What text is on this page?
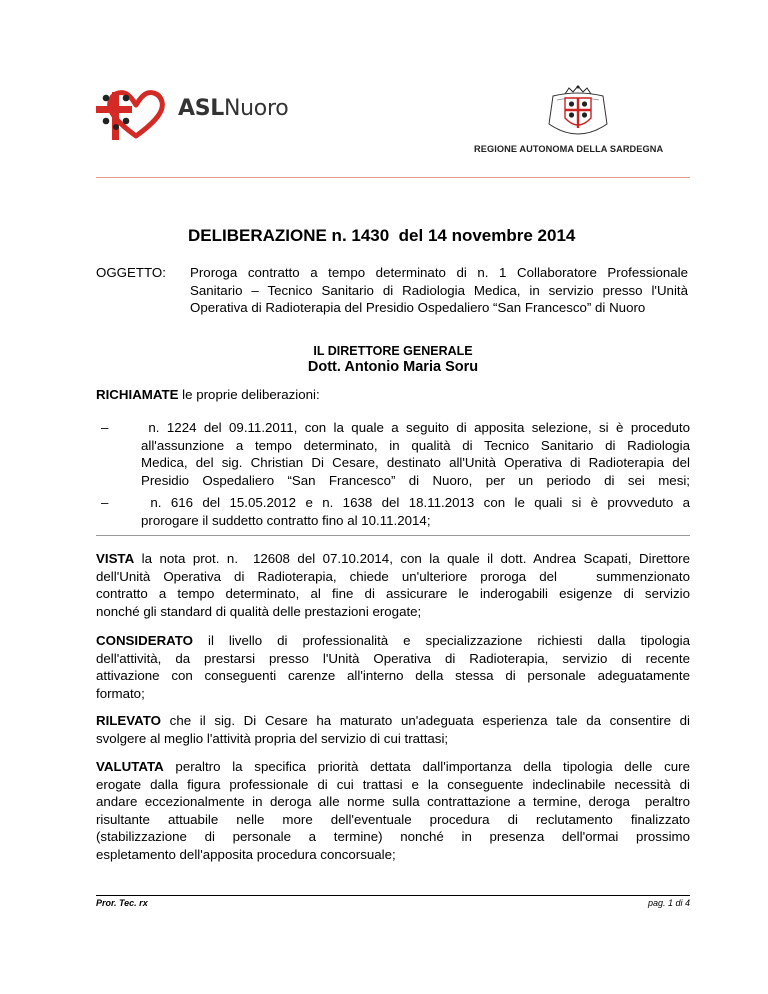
ASLNuoro
REGIONE AUTONOMA DELLA SARDEGNA
DELIBERAZIONE n. 1430  del 14 novembre 2014
OGGETTO: Proroga contratto a tempo determinato di n. 1 Collaboratore Professionale
Sanitario – Tecnico Sanitario di Radiologia Medica, in servizio presso l'Unità
Operativa di Radioterapia del Presidio Ospedaliero “San Francesco” di Nuoro
IL DIRETTORE GENERALE
Dott. Antonio Maria Soru
RICHIAMATE le proprie deliberazioni:
– n. 1224 del 09.11.2011, con la quale a seguito di apposita selezione, si è proceduto
all'assunzione a tempo determinato, in qualità di Tecnico Sanitario di Radiologia
Medica, del sig. Christian Di Cesare, destinato all'Unità Operativa di Radioterapia del
Presidio Ospedaliero “San Francesco” di Nuoro, per un periodo di sei mesi;
– n. 616 del 15.05.2012 e n. 1638 del 18.11.2013 con le quali si è provveduto a
prorogare il suddetto contratto fino al 10.11.2014;
VISTA la nota prot. n.  12608 del 07.10.2014, con la quale il dott. Andrea Scapati, Direttore
dell'Unità Operativa di Radioterapia, chiede un'ulteriore proroga del   summenzionato
contratto a tempo determinato, al fine di assicurare le inderogabili esigenze di servizio
nonché gli standard di qualità delle prestazioni erogate;
CONSIDERATO il livello di professionalità e specializzazione richiesti dalla tipologia
dell'attività, da prestarsi presso l'Unità Operativa di Radioterapia, servizio di recente
attivazione con conseguenti carenze all'interno della stessa di personale adeguatamente
formato;
RILEVATO che il sig. Di Cesare ha maturato un'adeguata esperienza tale da consentire di
svolgere al meglio l'attività propria del servizio di cui trattasi;
VALUTATA peraltro la specifica priorità dettata dall'importanza della tipologia delle cure
erogate dalla figura professionale di cui trattasi e la conseguente indeclinabile necessità di
andare eccezionalmente in deroga alle norme sulla contrattazione a termine, deroga  peraltro
risultante  attuabile  nelle  more  dell'eventuale  procedura  di  reclutamento  finalizzato
(stabilizzazione  di  personale  a  termine)  nonché  in  presenza  dell'ormai  prossimo
espletamento dell'apposita procedura concorsuale;
Pror. Tec. rx	pag. 1 di 4
